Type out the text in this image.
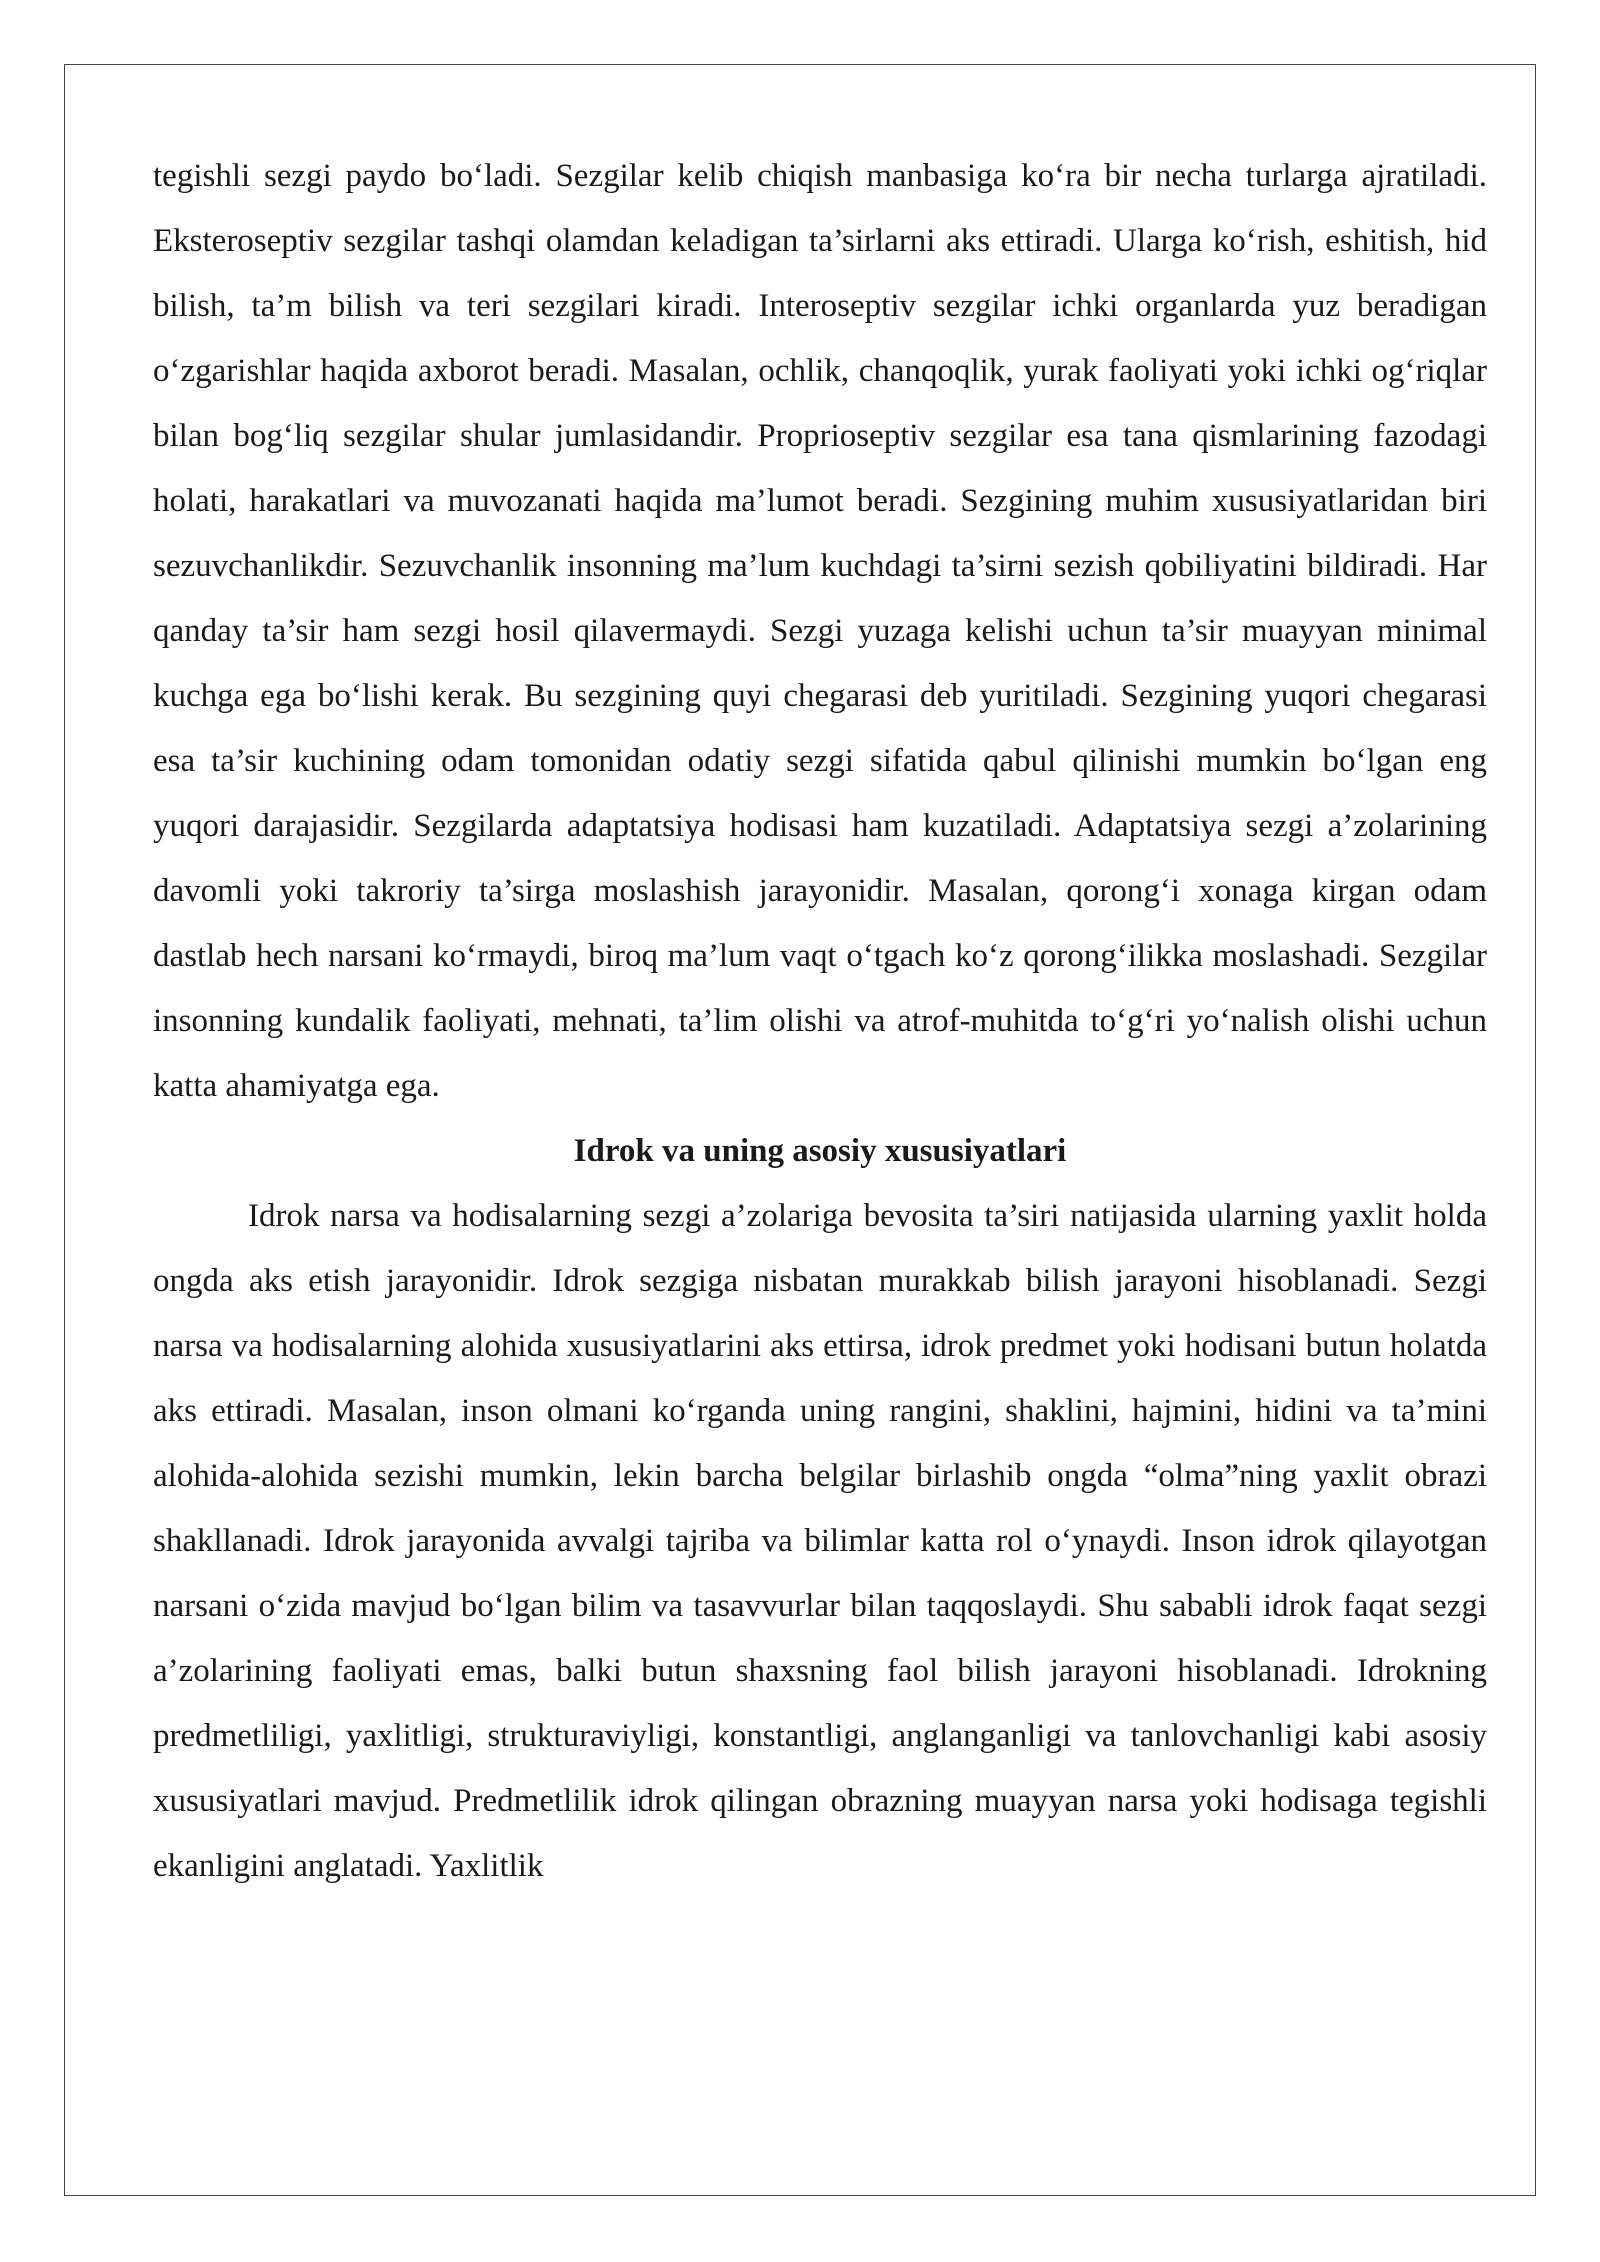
tegishli sezgi paydo bo‘ladi. Sezgilar kelib chiqish manbasiga ko‘ra bir necha turlarga ajratiladi. Eksteroseptiv sezgilar tashqi olamdan keladigan ta’sirlarni aks ettiradi. Ularga ko‘rish, eshitish, hid bilish, ta’m bilish va teri sezgilari kiradi. Interoseptiv sezgilar ichki organlarda yuz beradigan o‘zgarishlar haqida axborot beradi. Masalan, ochlik, chanqoqlik, yurak faoliyati yoki ichki og‘riqlar bilan bog‘liq sezgilar shular jumlasidandir. Proprioseptiv sezgilar esa tana qismlarining fazodagi holati, harakatlari va muvozanati haqida ma’lumot beradi. Sezgining muhim xususiyatlaridan biri sezuvchanlikdir. Sezuvchanlik insonning ma’lum kuchdagi ta’sirni sezish qobiliyatini bildiradi. Har qanday ta’sir ham sezgi hosil qilavermaydi. Sezgi yuzaga kelishi uchun ta’sir muayyan minimal kuchga ega bo‘lishi kerak. Bu sezgining quyi chegarasi deb yuritiladi. Sezgining yuqori chegarasi esa ta’sir kuchining odam tomonidan odatiy sezgi sifatida qabul qilinishi mumkin bo‘lgan eng yuqori darajasidir. Sezgilarda adaptatsiya hodisasi ham kuzatiladi. Adaptatsiya sezgi a’zolarining davomli yoki takroriy ta’sirga moslashish jarayonidir. Masalan, qorong‘i xonaga kirgan odam dastlab hech narsani ko‘rmaydi, biroq ma’lum vaqt o‘tgach ko‘z qorong‘ilikka moslashadi. Sezgilar insonning kundalik faoliyati, mehnati, ta’lim olishi va atrof-muhitda to‘g‘ri yo‘nalish olishi uchun katta ahamiyatga ega.

Idrok va uning asosiy xususiyatlari

Idrok narsa va hodisalarning sezgi a’zolariga bevosita ta’siri natijasida ularning yaxlit holda ongda aks etish jarayonidir. Idrok sezgiga nisbatan murakkab bilish jarayoni hisoblanadi. Sezgi narsa va hodisalarning alohida xususiyatlarini aks ettirsa, idrok predmet yoki hodisani butun holatda aks ettiradi. Masalan, inson olmani ko‘rganda uning rangini, shaklini, hajmini, hidini va ta’mini alohida-alohida sezishi mumkin, lekin barcha belgilar birlashib ongda “olma”ning yaxlit obrazi shakllanadi. Idrok jarayonida avvalgi tajriba va bilimlar katta rol o‘ynaydi. Inson idrok qilayotgan narsani o‘zida mavjud bo‘lgan bilim va tasavvurlar bilan taqqoslaydi. Shu sababli idrok faqat sezgi a’zolarining faoliyati emas, balki butun shaxsning faol bilish jarayoni hisoblanadi. Idrokning predmetliligi, yaxlitligi, strukturaviyligi, konstantligi, anglanganligi va tanlovchanligi kabi asosiy xususiyatlari mavjud. Predmetlilik idrok qilingan obrazning muayyan narsa yoki hodisaga tegishli ekanligini anglatadi. Yaxlitlik
